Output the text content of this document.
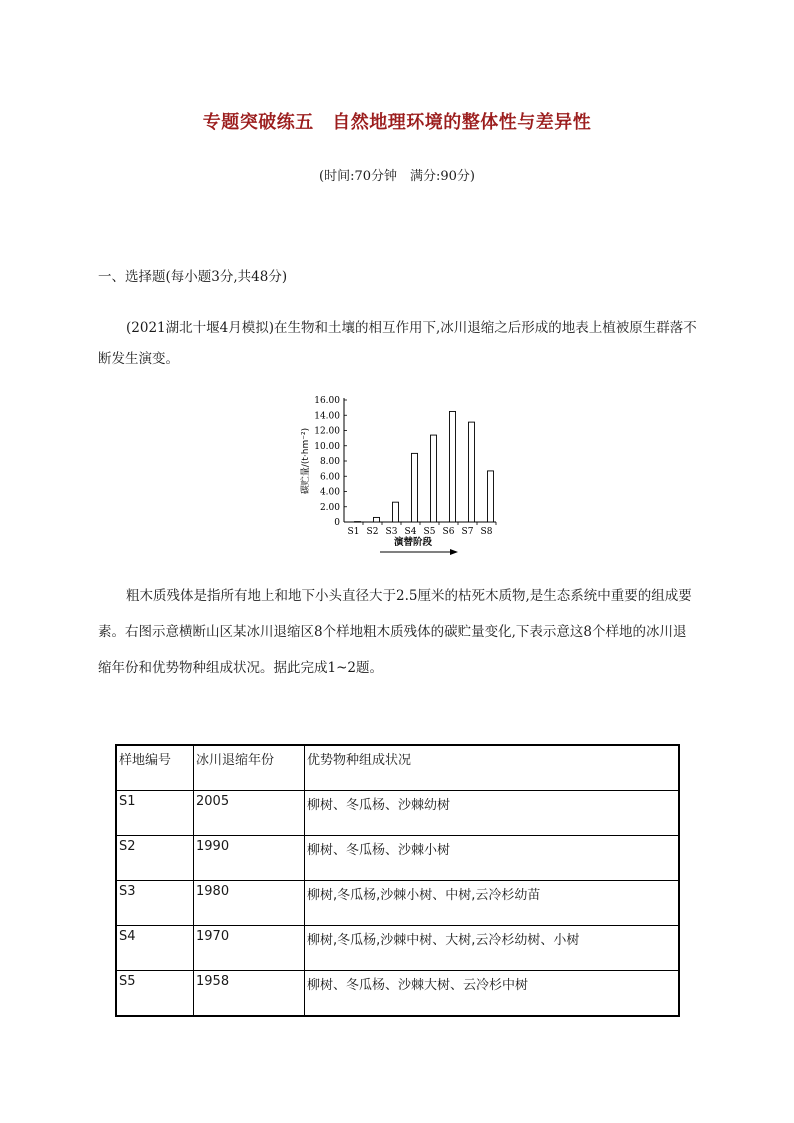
专题突破练五　自然地理环境的整体性与差异性
(时间:70分钟　满分:90分)
一、选择题(每小题3分,共48分)
(2021湖北十堰4月模拟)在生物和土壤的相互作用下,冰川退缩之后形成的地表上植被原生群落不断发生演变。
0
2.00
4.00
6.00
8.00
10.00
12.00
14.00
16.00
S1 S2 S3 S4 S5 S6 S7 S8
演替阶段
碳贮量/(t·hm⁻²)
粗木质残体是指所有地上和地下小头直径大于2.5厘米的枯死木质物,是生态系统中重要的组成要素。右图示意横断山区某冰川退缩区8个样地粗木质残体的碳贮量变化,下表示意这8个样地的冰川退缩年份和优势物种组成状况。据此完成1~2题。
样地编号	冰川退缩年份	优势物种组成状况
S1	2005	柳树、冬瓜杨、沙棘幼树
S2	1990	柳树、冬瓜杨、沙棘小树
S3	1980	柳树,冬瓜杨,沙棘小树、中树,云冷杉幼苗
S4	1970	柳树,冬瓜杨,沙棘中树、大树,云冷杉幼树、小树
S5	1958	柳树、冬瓜杨、沙棘大树、云冷杉中树
